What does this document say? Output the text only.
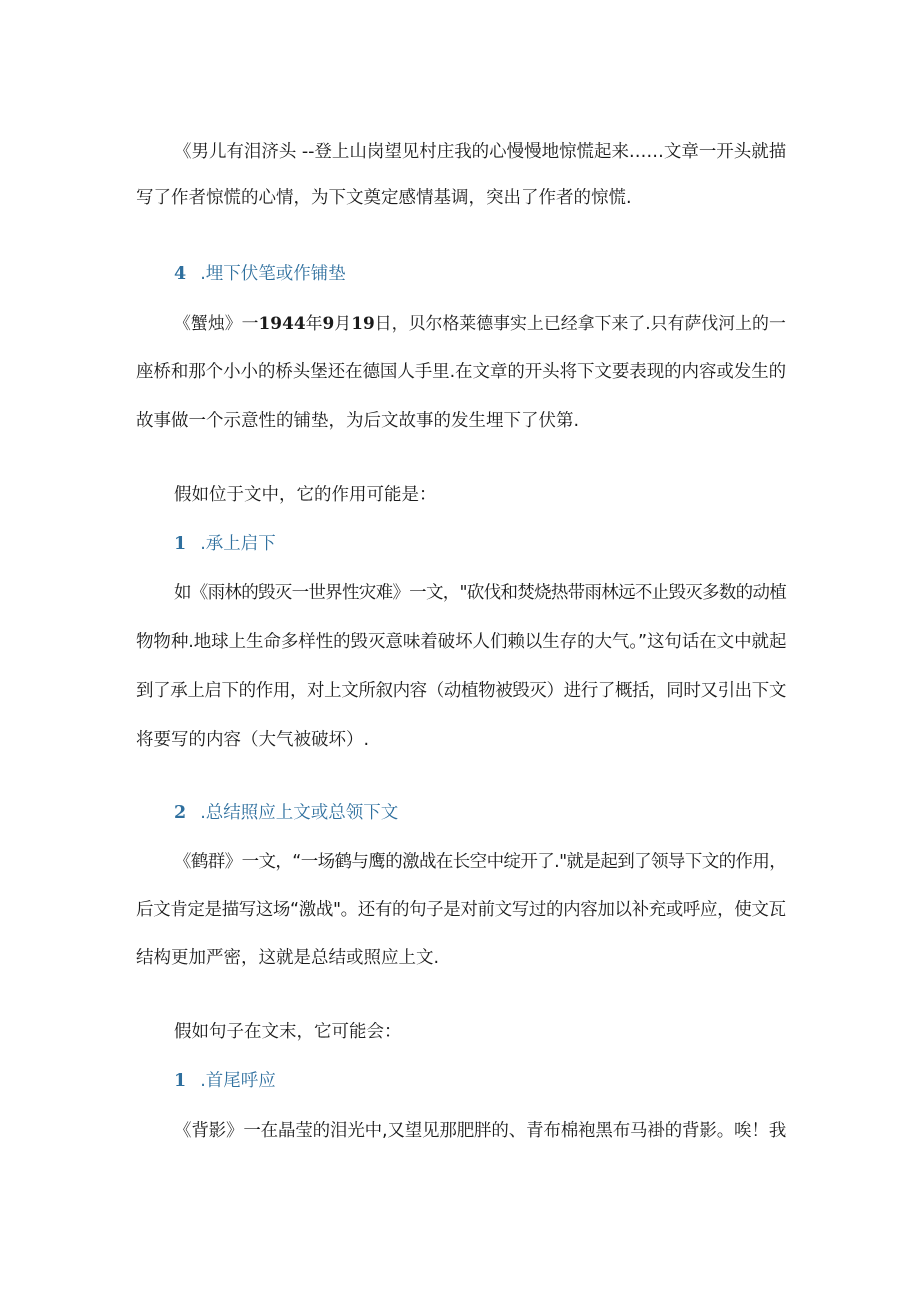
《男儿有泪济头 --登上山岗望见村庄我的心慢慢地惊慌起来……文章一开头就描
写了作者惊慌的心情，为下文奠定感情基调，突出了作者的惊慌.
4 .埋下伏笔或作铺垫
《蟹烛》一1944年9月19日，贝尔格莱德事实上已经拿下来了.只有萨伐河上的一
座桥和那个小小的桥头堡还在德国人手里.在文章的开头将下文要表现的内容或发生的
故事做一个示意性的铺垫，为后文故事的发生埋下了伏第.
假如位于文中，它的作用可能是：
1 .承上启下
如《雨林的毁灭一世界性灾难》一文，"砍伐和焚烧热带雨林远不止毁灭多数的动植
物物种.地球上生命多样性的毁灭意味着破坏人们赖以生存的大气。”这句话在文中就起
到了承上启下的作用，对上文所叙内容（动植物被毁灭）进行了概括，同时又引出下文
将要写的内容（大气被破坏）.
2 .总结照应上文或总领下文
《鹤群》一文，“一场鹤与鹰的激战在长空中绽开了."就是起到了领导下文的作用，
后文肯定是描写这场“激战"。还有的句子是对前文写过的内容加以补充或呼应，使文瓦
结构更加严密，这就是总结或照应上文.
假如句子在文末，它可能会：
1 .首尾呼应
《背影》一在晶莹的泪光中,又望见那肥胖的、青布棉袍黑布马褂的背影。唉！我
